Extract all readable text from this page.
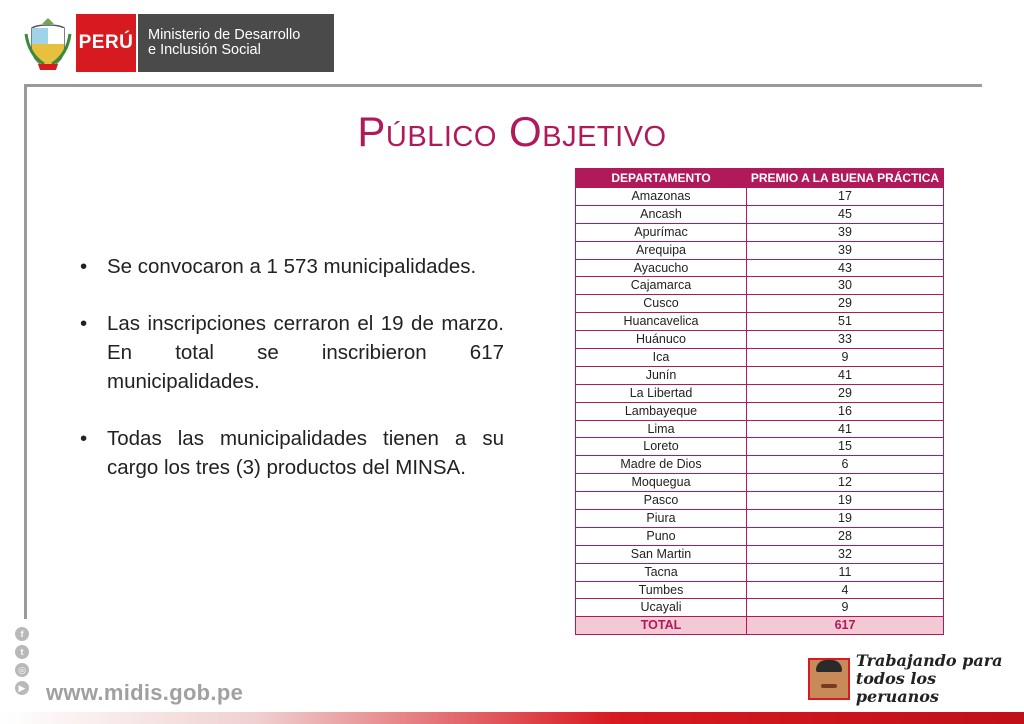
PERÚ Ministerio de Desarrollo
e Inclusión Social
Público Objetivo
• Se convocaron a 1 573 municipalidades.
• Las inscripciones cerraron el 19 de marzo. En total se inscribieron 617 municipalidades.
• Todas las municipalidades tienen a su cargo los tres (3) productos del MINSA.
DEPARTAMENTO	PREMIO A LA BUENA PRÁCTICA
Amazonas	17
Ancash	45
Apurímac	39
Arequipa	39
Ayacucho	43
Cajamarca	30
Cusco	29
Huancavelica	51
Huánuco	33
Ica	9
Junín	41
La Libertad	29
Lambayeque	16
Lima	41
Loreto	15
Madre de Dios	6
Moquegua	12
Pasco	19
Piura	19
Puno	28
San Martin	32
Tacna	11
Tumbes	4
Ucayali	9
TOTAL	617
f
t
◎
▶ www.midis.gob.pe
Trabajando para
todos los peruanos
